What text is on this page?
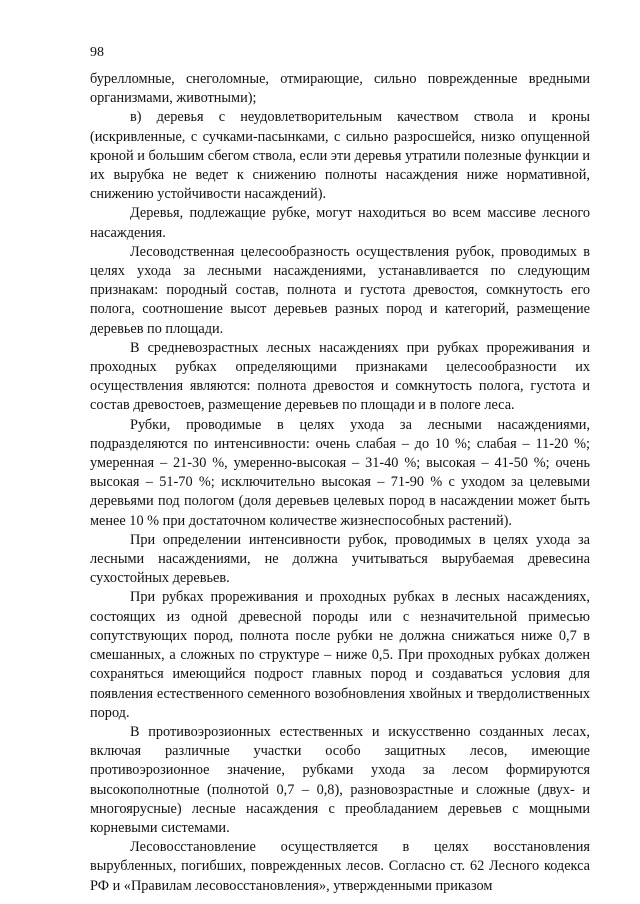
98

бурелломные, снеголомные, отмирающие, сильно поврежденные вредными организмами, животными);

в) деревья с неудовлетворительным качеством ствола и кроны (искривленные, с сучками-пасынками, с сильно разросшейся, низко опущенной кроной и большим сбегом ствола, если эти деревья утратили полезные функции и их вырубка не ведет к снижению полноты насаждения ниже нормативной, снижению устойчивости насаждений).

Деревья, подлежащие рубке, могут находиться во всем массиве лесного насаждения.

Лесоводственная целесообразность осуществления рубок, проводимых в целях ухода за лесными насаждениями, устанавливается по следующим признакам: породный состав, полнота и густота древостоя, сомкнутость его полога, соотношение высот деревьев разных пород и категорий, размещение деревьев по площади.

В средневозрастных лесных насаждениях при рубках прореживания и проходных рубках определяющими признаками целесообразности их осуществления являются: полнота древостоя и сомкнутость полога, густота и состав древостоев, размещение деревьев по площади и в пологе леса.

Рубки, проводимые в целях ухода за лесными насаждениями, подразделяются по интенсивности: очень слабая – до 10 %; слабая – 11-20 %; умеренная – 21-30 %, умеренно-высокая – 31-40 %; высокая – 41-50 %; очень высокая – 51-70 %; исключительно высокая – 71-90 % с уходом за целевыми деревьями под пологом (доля деревьев целевых пород в насаждении может быть менее 10 % при достаточном количестве жизнеспособных растений).

При определении интенсивности рубок, проводимых в целях ухода за лесными насаждениями, не должна учитываться вырубаемая древесина сухостойных деревьев.

При рубках прореживания и проходных рубках в лесных насаждениях, состоящих из одной древесной породы или с незначительной примесью сопутствующих пород, полнота после рубки не должна снижаться ниже 0,7 в смешанных, а сложных по структуре – ниже 0,5. При проходных рубках должен сохраняться имеющийся подрост главных пород и создаваться условия для появления естественного семенного возобновления хвойных и твердолиственных пород.

В противоэрозионных естественных и искусственно созданных лесах, включая различные участки особо защитных лесов, имеющие противоэрозионное значение, рубками ухода за лесом формируются высокополнотные (полнотой 0,7 – 0,8), разновозрастные и сложные (двух- и многоярусные) лесные насаждения с преобладанием деревьев с мощными корневыми системами.

Лесовосстановление осуществляется в целях восстановления вырубленных, погибших, поврежденных лесов. Согласно ст. 62 Лесного кодекса РФ и «Правилам лесовосстановления», утвержденными приказом
